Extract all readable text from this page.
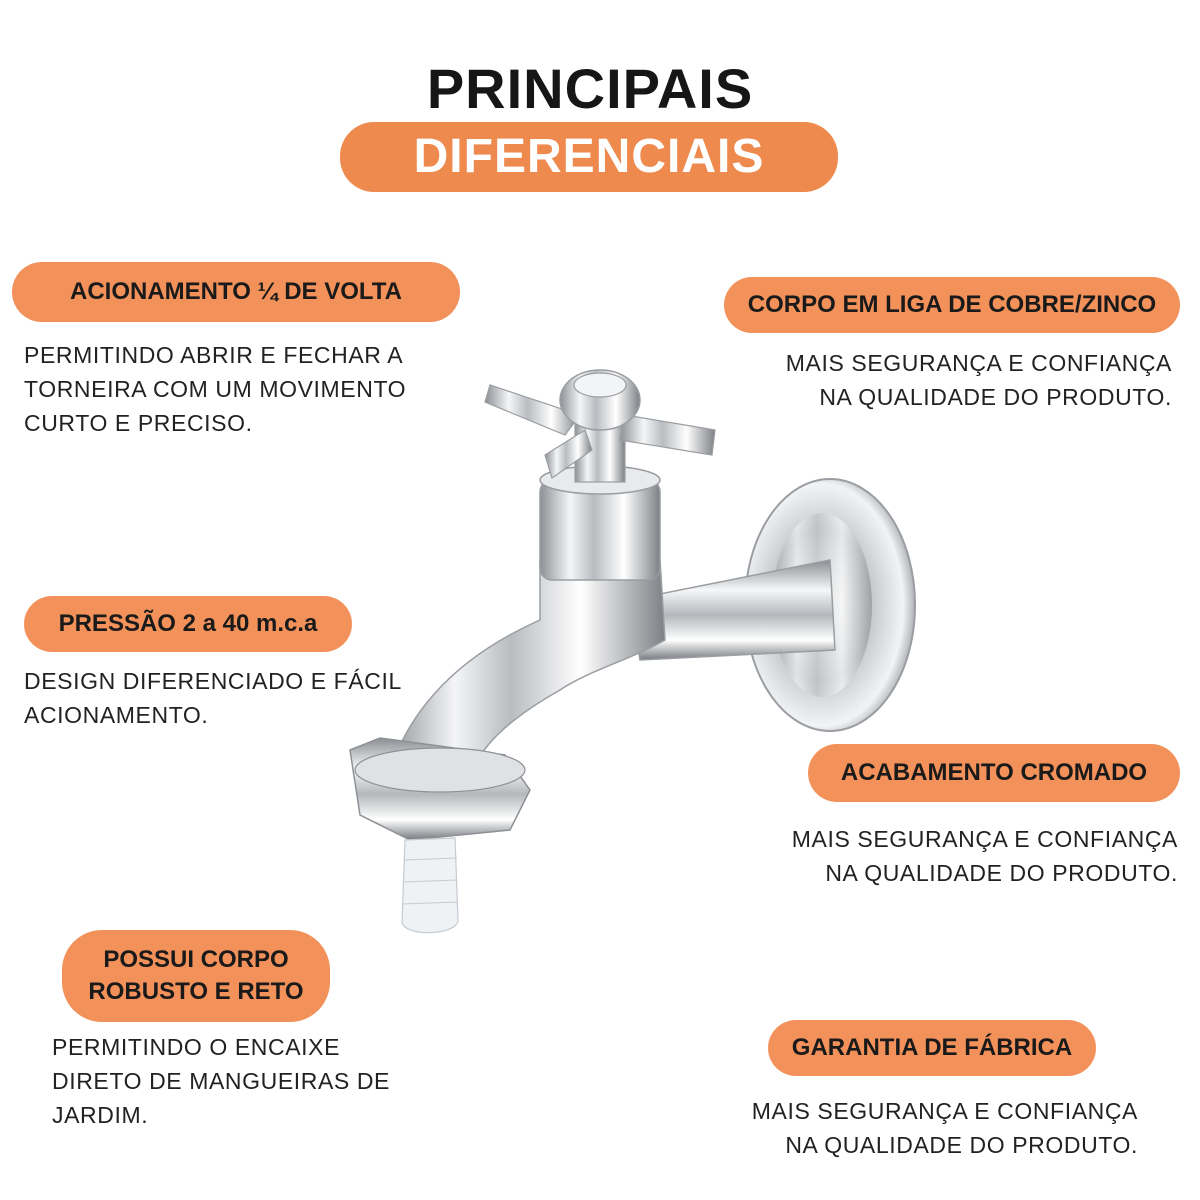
PRINCIPAIS
DIFERENCIAIS
ACIONAMENTO ¼ DE VOLTA
PERMITINDO ABRIR E FECHAR A
TORNEIRA COM UM MOVIMENTO
CURTO E PRECISO.
CORPO EM LIGA DE COBRE/ZINCO
MAIS SEGURANÇA E CONFIANÇA
NA QUALIDADE DO PRODUTO.
PRESSÃO 2 a 40 m.c.a
DESIGN DIFERENCIADO E FÁCIL
ACIONAMENTO.
ACABAMENTO CROMADO
MAIS SEGURANÇA E CONFIANÇA
NA QUALIDADE DO PRODUTO.
POSSUI CORPO
ROBUSTO E RETO
PERMITINDO O ENCAIXE
DIRETO DE MANGUEIRAS DE
JARDIM.
GARANTIA DE FÁBRICA
MAIS SEGURANÇA E CONFIANÇA
NA QUALIDADE DO PRODUTO.
